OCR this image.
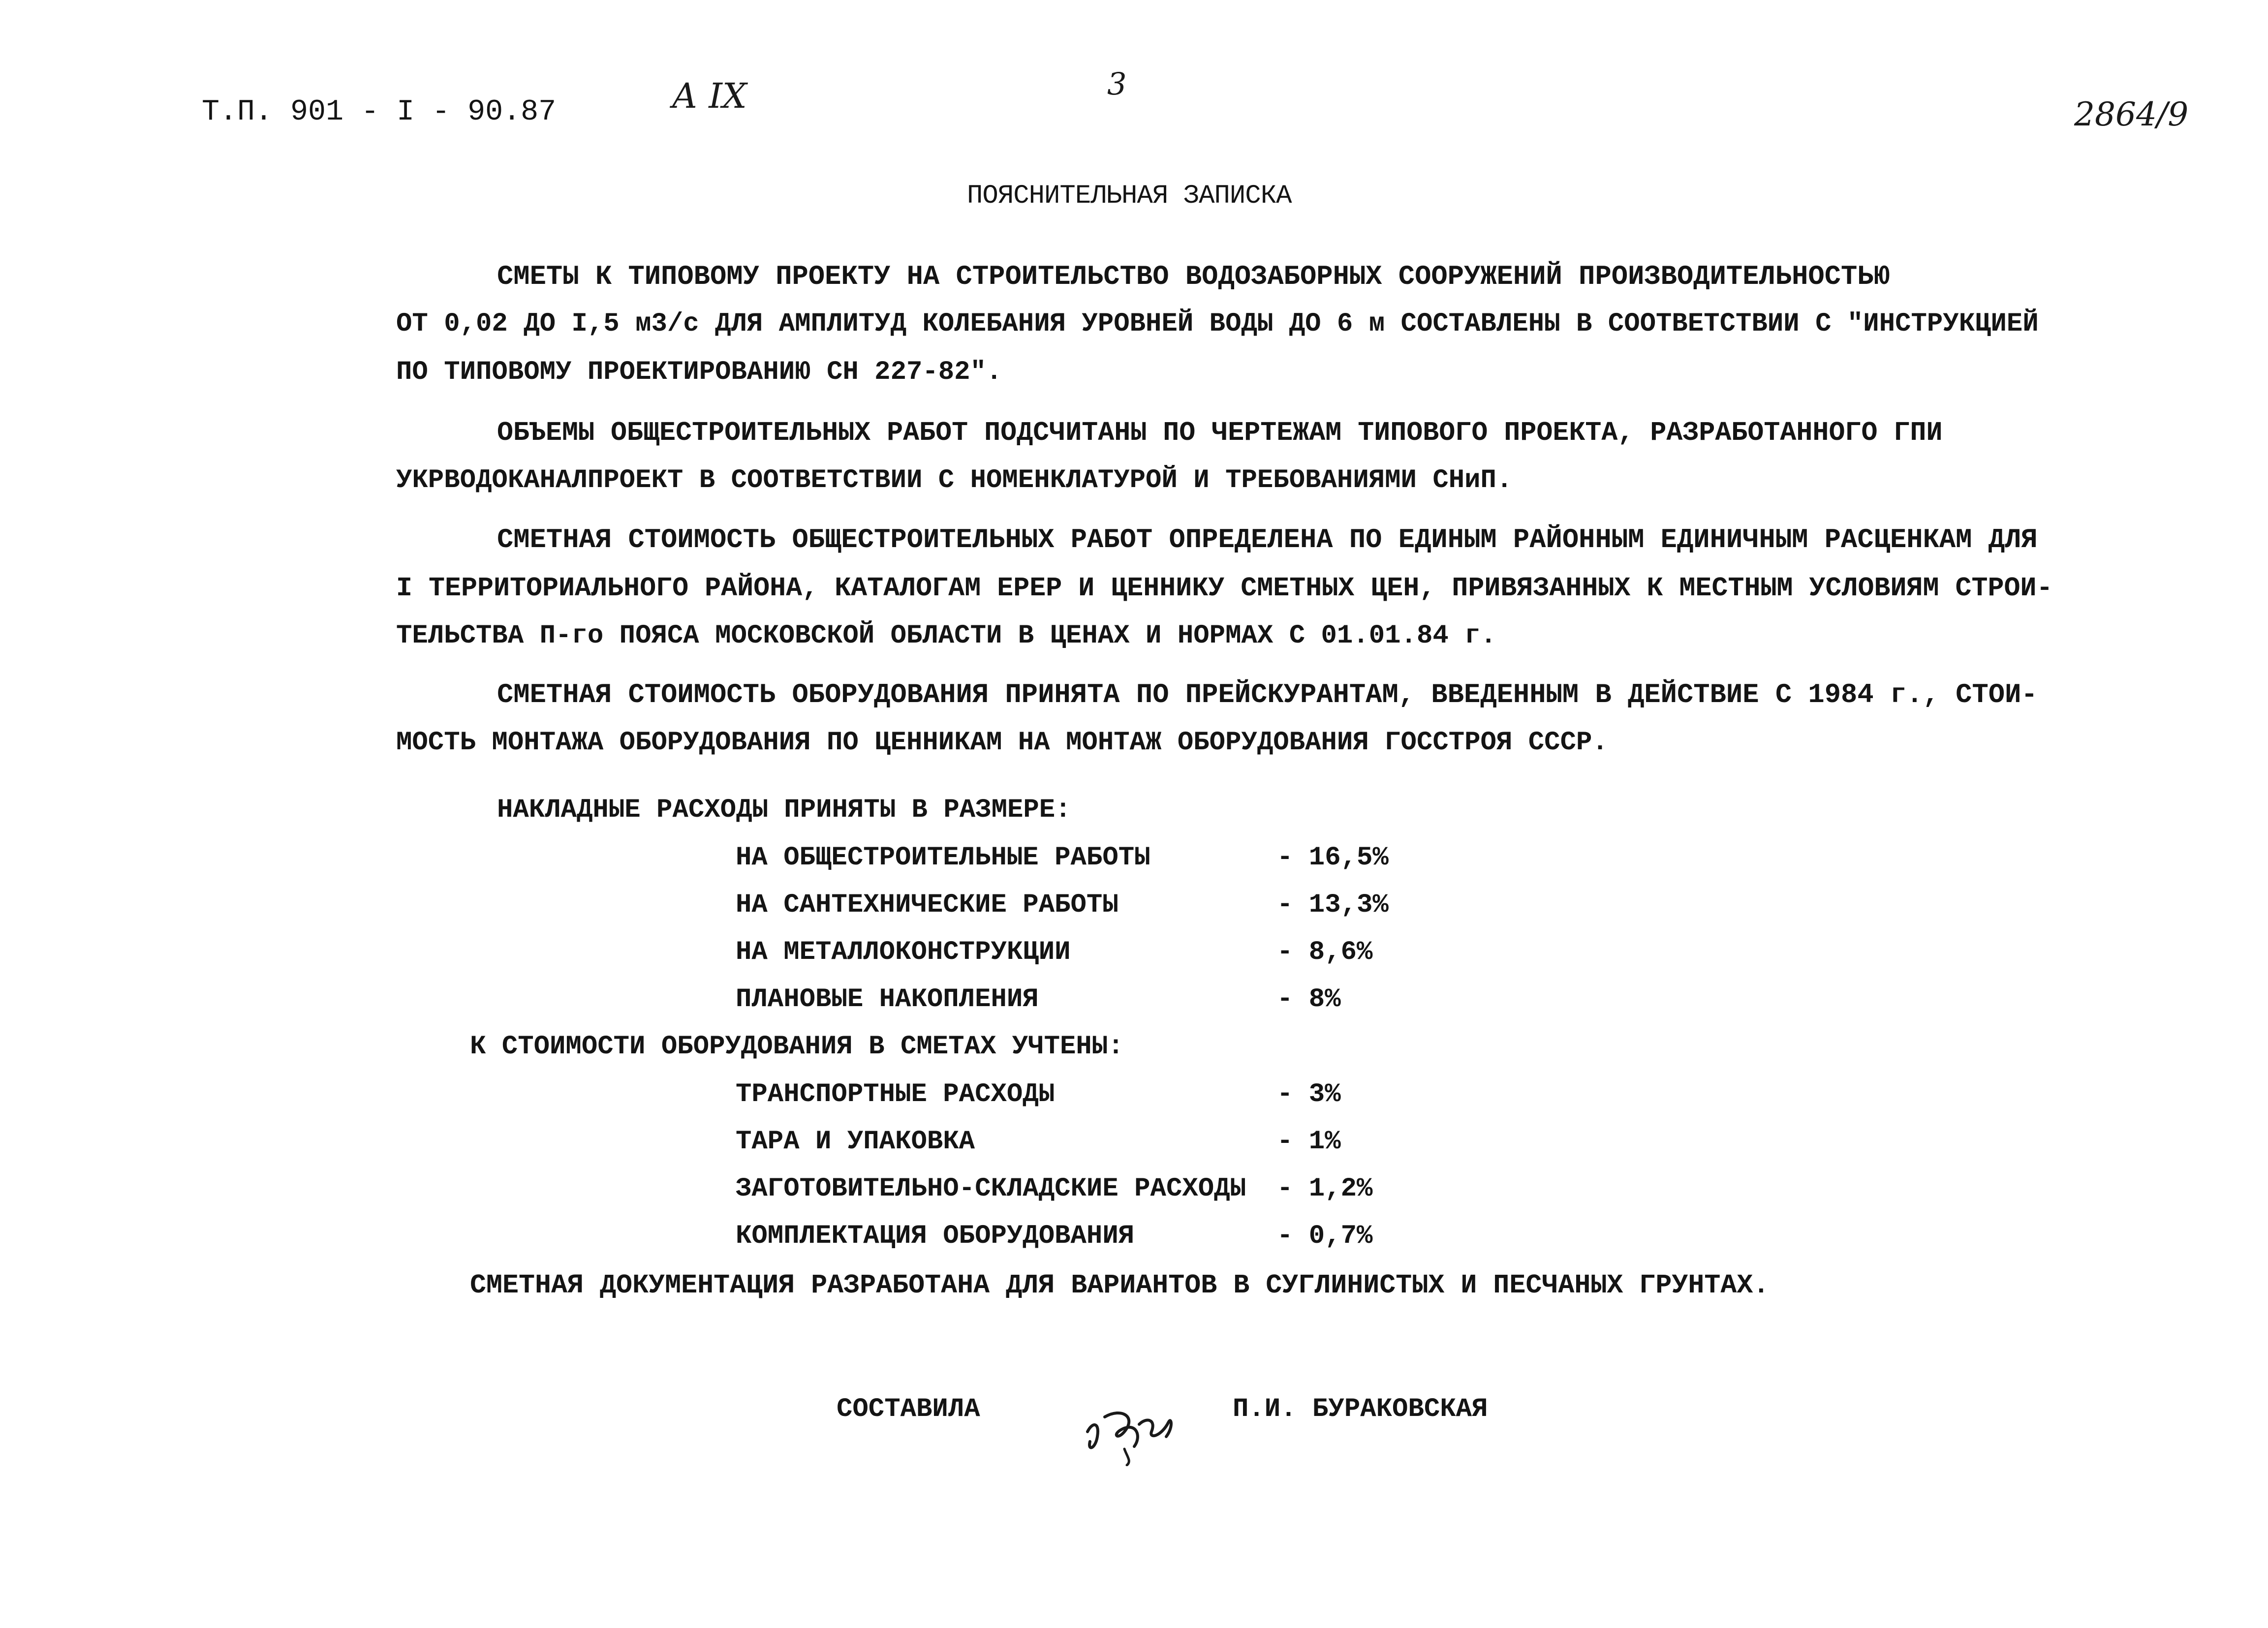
Т.П. 901 - I - 90.87	А IX	3
2864/9
ПОЯСНИТЕЛЬНАЯ ЗАПИСКА
СМЕТЫ К ТИПОВОМУ ПРОЕКТУ НА СТРОИТЕЛЬСТВО ВОДОЗАБОРНЫХ СООРУЖЕНИЙ ПРОИЗВОДИТЕЛЬНОСТЬЮ
ОТ 0,02 ДО I,5 м3/с ДЛЯ АМПЛИТУД КОЛЕБАНИЯ УРОВНЕЙ ВОДЫ ДО 6 м СОСТАВЛЕНЫ В СООТВЕТСТВИИ С "ИНСТРУКЦИЕЙ
ПО ТИПОВОМУ ПРОЕКТИРОВАНИЮ СН 227-82".
ОБЪЕМЫ ОБЩЕСТРОИТЕЛЬНЫХ РАБОТ ПОДСЧИТАНЫ ПО ЧЕРТЕЖАМ ТИПОВОГО ПРОЕКТА, РАЗРАБОТАННОГО ГПИ
УКРВОДОКАНАЛПРОЕКТ В СООТВЕТСТВИИ С НОМЕНКЛАТУРОЙ И ТРЕБОВАНИЯМИ СНиП.
СМЕТНАЯ СТОИМОСТЬ ОБЩЕСТРОИТЕЛЬНЫХ РАБОТ ОПРЕДЕЛЕНА ПО ЕДИНЫМ РАЙОННЫМ ЕДИНИЧНЫМ РАСЦЕНКАМ ДЛЯ
I ТЕРРИТОРИАЛЬНОГО РАЙОНА, КАТАЛОГАМ ЕРЕР И ЦЕННИКУ СМЕТНЫХ ЦЕН, ПРИВЯЗАННЫХ К МЕСТНЫМ УСЛОВИЯМ СТРОИ-
ТЕЛЬСТВА П-го ПОЯСА МОСКОВСКОЙ ОБЛАСТИ В ЦЕНАХ И НОРМАХ С 01.01.84 г.
СМЕТНАЯ СТОИМОСТЬ ОБОРУДОВАНИЯ ПРИНЯТА ПО ПРЕЙСКУРАНТАМ, ВВЕДЕННЫМ В ДЕЙСТВИЕ С 1984 г., СТОИ-
МОСТЬ МОНТАЖА ОБОРУДОВАНИЯ ПО ЦЕННИКАМ НА МОНТАЖ ОБОРУДОВАНИЯ ГОССТРОЯ СССР.
НАКЛАДНЫЕ РАСХОДЫ ПРИНЯТЫ В РАЗМЕРЕ:
НА ОБЩЕСТРОИТЕЛЬНЫЕ РАБОТЫ	- 16,5%
НА САНТЕХНИЧЕСКИЕ РАБОТЫ	- 13,3%
НА МЕТАЛЛОКОНСТРУКЦИИ	- 8,6%
ПЛАНОВЫЕ НАКОПЛЕНИЯ	- 8%
К СТОИМОСТИ ОБОРУДОВАНИЯ В СМЕТАХ УЧТЕНЫ:
ТРАНСПОРТНЫЕ РАСХОДЫ	- 3%
ТАРА И УПАКОВКА	- 1%
ЗАГОТОВИТЕЛЬНО-СКЛАДСКИЕ РАСХОДЫ - 1,2%
КОМПЛЕКТАЦИЯ ОБОРУДОВАНИЯ	- 0,7%
СМЕТНАЯ ДОКУМЕНТАЦИЯ РАЗРАБОТАНА ДЛЯ ВАРИАНТОВ В СУГЛИНИСТЫХ И ПЕСЧАНЫХ ГРУНТАХ.
СОСТАВИЛА	П.И. БУРАКОВСКАЯ
